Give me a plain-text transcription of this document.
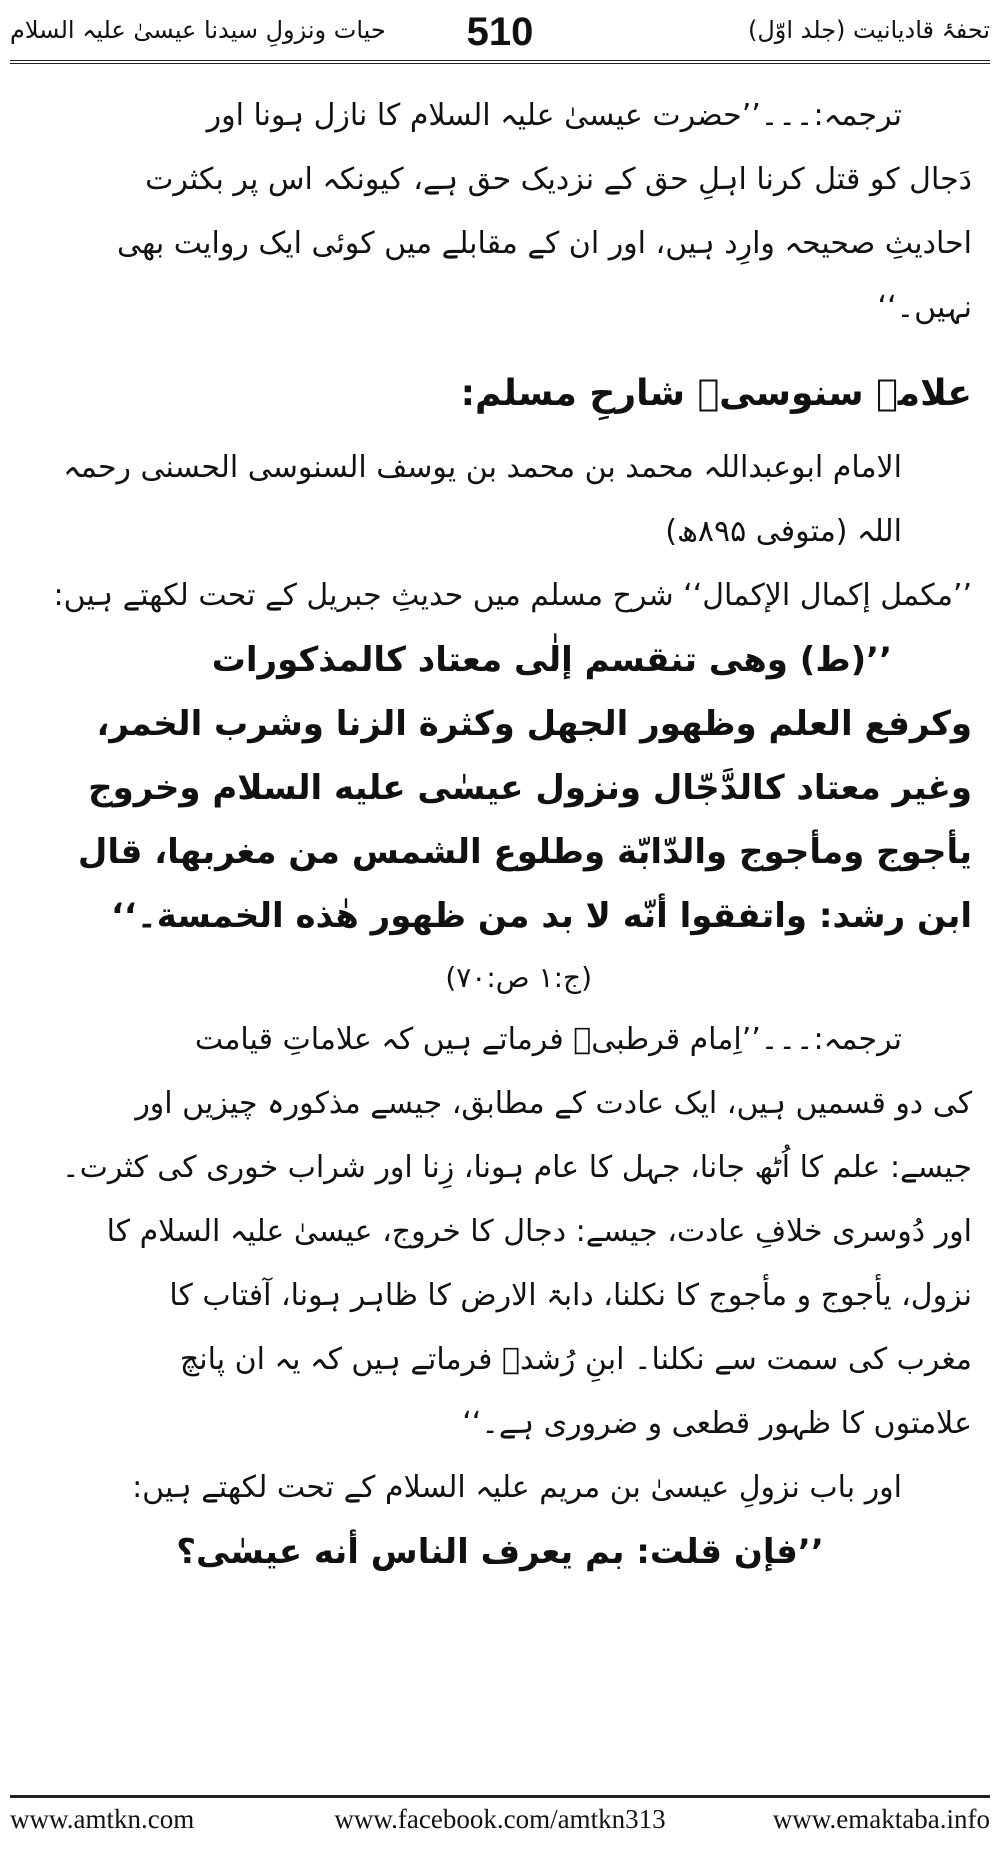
تحفۂ قادیانیت (جلد اوّل)
510
حیات ونزولِ سیدنا عیسیٰ علیہ السلام

ترجمہ:۔۔۔’’حضرت عیسیٰ علیہ السلام کا نازل ہونا اور

دَجال کو قتل کرنا اہلِ حق کے نزدیک حق ہے، کیونکہ اس پر بکثرت

احادیثِ صحیحہ وارِد ہیں، اور ان کے مقابلے میں کوئی ایک روایت بھی

نہیں۔‘‘

علامہ سنوسیؒ شارحِ مسلم:

الامام ابوعبداللہ محمد بن محمد بن یوسف السنوسی الحسنی رحمہ اللہ (متوفی ۸۹۵ھ)

’’مکمل إکمال الإکمال‘‘ شرح مسلم میں حدیثِ جبریل کے تحت لکھتے ہیں:

’’(ط) وهی تنقسم إلٰى معتاد كالمذكورات

وكرفع العلم وظهور الجهل وكثرة الزنا وشرب الخمر،

وغير معتاد كالدَّجّال ونزول عيسٰى عليه السلام وخروج

يأجوج ومأجوج والدّابّة وطلوع الشمس من مغربها، قال

ابن رشد: واتفقوا أنّه لا بد من ظهور هٰذه الخمسة۔‘‘

(ج:۱ ص:۷۰)

ترجمہ:۔۔۔’’اِمام قرطبیؒ فرماتے ہیں کہ علاماتِ قیامت

کی دو قسمیں ہیں، ایک عادت کے مطابق، جیسے مذکورہ چیزیں اور

جیسے: علم کا اُٹھ جانا، جہل کا عام ہونا، زِنا اور شراب خوری کی کثرت۔

اور دُوسری خلافِ عادت، جیسے: دجال کا خروج، عیسیٰ علیہ السلام کا

نزول، یأجوج و مأجوج کا نکلنا، دابۃ الارض کا ظاہر ہونا، آفتاب کا

مغرب کی سمت سے نکلنا۔ ابنِ رُشدؒ فرماتے ہیں کہ یہ ان پانچ

علامتوں کا ظہور قطعی و ضروری ہے۔‘‘

اور باب نزولِ عیسیٰ بن مریم علیہ السلام کے تحت لکھتے ہیں:

’’فإن قلت: بم يعرف الناس أنه عيسٰى؟

www.amtkn.com	www.facebook.com/amtkn313	www.emaktaba.info
